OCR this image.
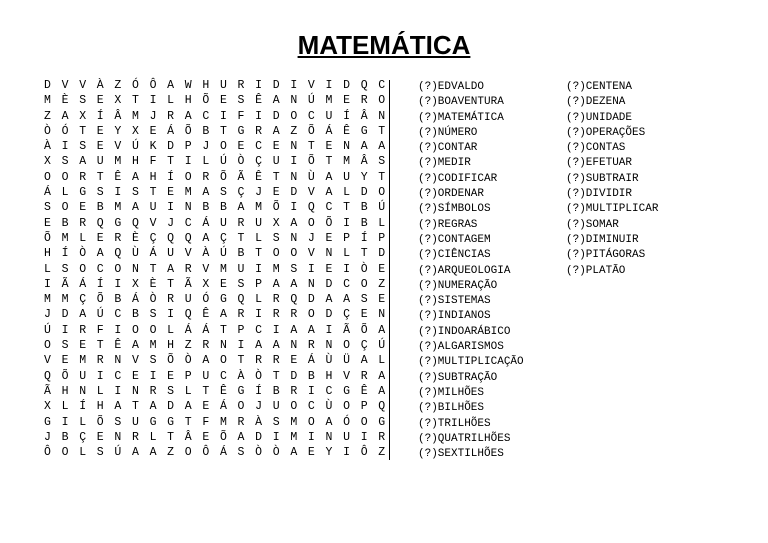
MATEMÁTICA
D V V À Z Ó Ô A W H U R I D I V I D Q C
M È S E X T I L H Õ E S Ê A N Ú M E R O
Z A X Í Â M J R A C I F I D O C U Í Â N
Ò Ó T E Y X E Á Õ B T G R A Z Õ Á Ê G T
À I S E V Ú K D P J O E C E N T E N A A
X S A U M H F T I L Ú Ò Ç U I Õ T M Â S
O O R T Ê A H Í O R Õ Ã Ê T N Ù A U Y T
Á L G S I S T E M A S Ç J E D V A L D O
S O E B M A U I N B B A M Õ I Q C T B Ú
E B R Q G Q V J C Á U R U X A O Õ I B L
Õ M L E R È Ç Q Q A Ç T L S N J E P Í P
H Í Ò A Q Ù Á U V À Ú B T O O V N L T D
L S O C O N T A R V M U I M S I E I Ò E
I Ã Á Í I X È T Ã X E S P A A N D C O Z
M M Ç Õ B Á Ò R U Ó G Q L R Q D A A S E
J D A Ú C B S I Q Ê A R I R R O D Ç E N
Ú I R F I O O L Á Á T P C I A A I Ã Õ A
O S E T Ê A M H Z R N I A A N R N O Ç Ú
V E M R N V S Õ Ò A O T R R E Á Ù Ü A L
Q Õ U I C E I E P U C À Ò T D B H V R A
Ã H N L I N R S L T Ê G Í B R I C G Ê A
X L Í H A T A D A E Á O J U O C Ù O P Q
G I L Õ S U G G T F M R À S M O A Ó O G
J B Ç E N R L T Â E Õ A D I M I N U I R
Ô O L S Ú A A Z O Ô Á S Ò Ò A E Y I Ô Z
(?)EDVALDO
(?)BOAVENTURA
(?)MATEMÁTICA
(?)NÚMERO
(?)CONTAR
(?)MEDIR
(?)CODIFICAR
(?)ORDENAR
(?)SÍMBOLOS
(?)REGRAS
(?)CONTAGEM
(?)CIÊNCIAS
(?)ARQUEOLOGIA
(?)NUMERAÇÃO
(?)SISTEMAS
(?)INDIANOS
(?)INDOARÁBICO
(?)ALGARISMOS
(?)MULTIPLICAÇÃO
(?)SUBTRAÇÃO
(?)MILHÕES
(?)BILHÕES
(?)TRILHÕES
(?)QUATRILHÕES
(?)SEXTILHÕES
(?)CENTENA
(?)DEZENA
(?)UNIDADE
(?)OPERAÇÕES
(?)CONTAS
(?)EFETUAR
(?)SUBTRAIR
(?)DIVIDIR
(?)MULTIPLICAR
(?)SOMAR
(?)DIMINUIR
(?)PITÁGORAS
(?)PLATÃO
